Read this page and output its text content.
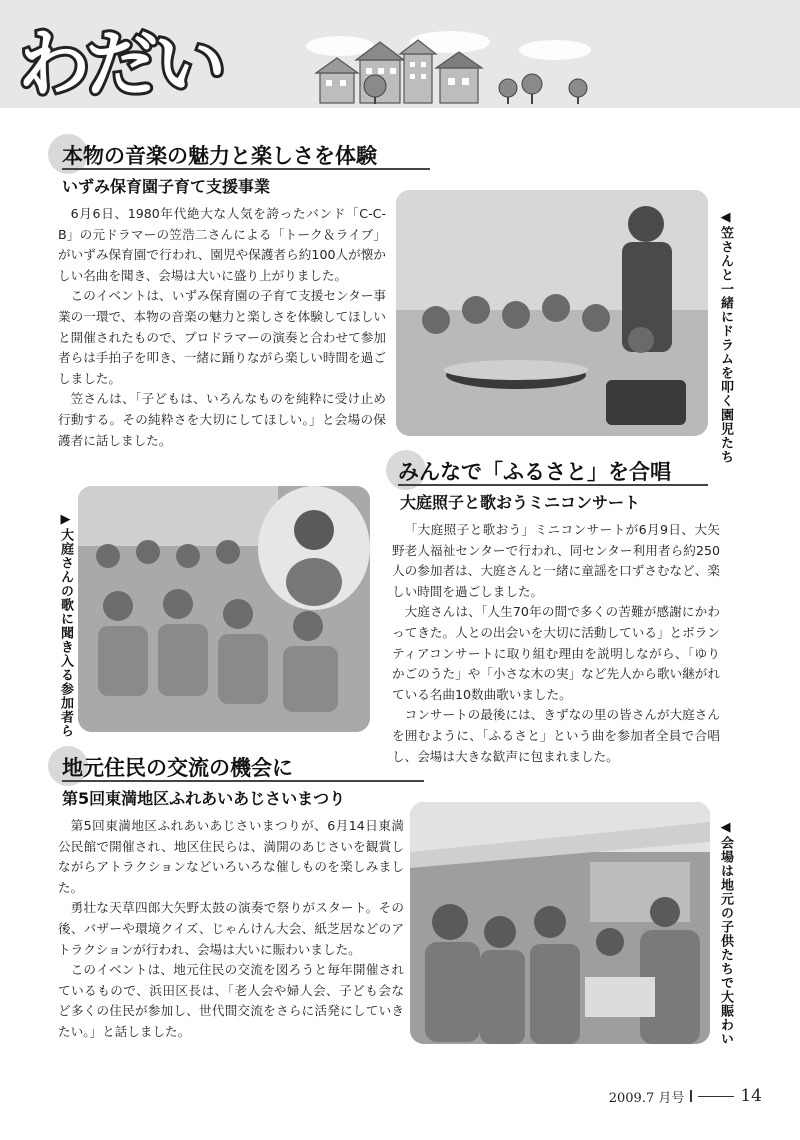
わだい
本物の音楽の魅力と楽しさを体験
いずみ保育園子育て支援事業

6月6日、1980年代絶大な人気を誇ったバンド「C-C-B」の元ドラマーの笠浩二さんによる「トーク＆ライブ」がいずみ保育園で行われ、園児や保護者ら約100人が懐かしい名曲を聞き、会場は大いに盛り上がりました。

このイベントは、いずみ保育園の子育て支援センター事業の一環で、本物の音楽の魅力と楽しさを体験してほしいと開催されたもので、プロドラマーの演奏と合わせて参加者らは手拍子を叩き、一緒に踊りながら楽しい時間を過ごしました。

笠さんは、「子どもは、いろんなものを純粋に受け止め行動する。その純粋さを大切にしてほしい。」と会場の保護者に話しました。	◀笠さんと一緒にドラムを叩く園児たち
みんなで「ふるさと」を合唱
大庭照子と歌おうミニコンサート

「大庭照子と歌おう」ミニコンサートが6月9日、大矢野老人福祉センターで行われ、同センター利用者ら約250人の参加者は、大庭さんと一緒に童謡を口ずさむなど、楽しい時間を過ごしました。

大庭さんは、「人生70年の間で多くの苦難が感謝にかわってきた。人との出会いを大切に活動している」とボランティアコンサートに取り組む理由を説明しながら、「ゆりかごのうた」や「小さな木の実」など先人から歌い継がれている名曲10数曲歌いました。

コンサートの最後には、きずなの里の皆さんが大庭さんを囲むように、「ふるさと」という曲を参加者全員で合唱し、会場は大きな歓声に包まれました。

▶大庭さんの歌に聞き入る参加者ら
地元住民の交流の機会に
第5回東満地区ふれあいあじさいまつり

第5回東満地区ふれあいあじさいまつりが、6月14日東満公民館で開催され、地区住民らは、満開のあじさいを観賞しながらアトラクションなどいろいろな催しものを楽しみました。

勇壮な天草四郎大矢野太鼓の演奏で祭りがスタート。その後、バザーや環境クイズ、じゃんけん大会、紙芝居などのアトラクションが行われ、会場は大いに賑わいました。

このイベントは、地元住民の交流を図ろうと毎年開催されているもので、浜田区長は、「老人会や婦人会、子ども会など多くの住民が参加し、世代間交流をさらに活発にしていきたい。」と話しました。	◀会場は地元の子供たちで大賑わい
2009.7 月号	14
